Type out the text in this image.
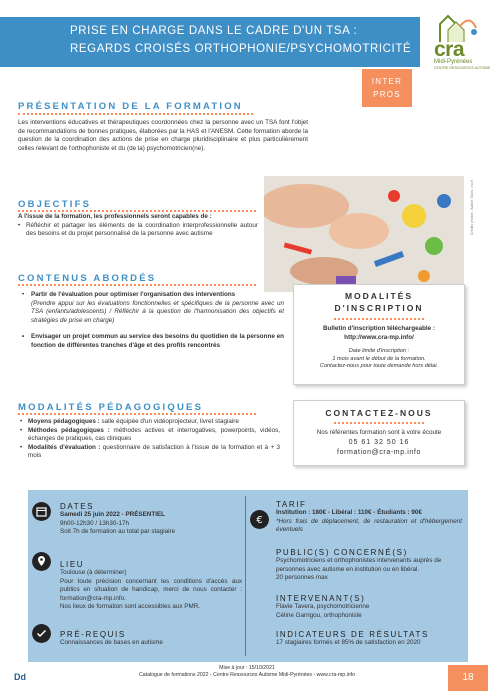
PRISE EN CHARGE DANS LE CADRE D'UN TSA :
REGARDS CROISÉS ORTHOPHONIE/PSYCHOMOTRICITÉ cra
Midi-Pyrénées
CENTRE RESSOURCES AUTISME
INTER
PROS
PRÉSENTATION DE LA FORMATION
Les interventions éducatives et thérapeutiques coordonnées chez la personne avec un TSA font l'objet de recommandations de bonnes pratiques, élaborées par la HAS et l'ANESM. Cette formation aborde la question de la coordination des actions de prise en charge pluridisciplinaire et plus particulièrement celles relevant de l'orthophoniste et du (de la) psychomotricien(ne).
Crédits photos : Adobe Stock, cra.fr
OBJECTIFS
A l'issue de la formation, les professionnels seront capables de :
• Réfléchir et partager les éléments de la coordination interprofessionnelle autour des besoins et du projet personnalisé de la personne avec autisme
CONTENUS ABORDÉS
• Partir de l'évaluation pour optimiser l'organisation des interventions
(Prendre appui sur les évaluations fonctionnelles et spécifiques de la personne avec un TSA (enfants/adolescents) / Réfléchir à la question de l'harmonisation des objectifs et stratégies de prise en charge)
• Envisager un projet commun au service des besoins du quotidien de la personne en fonction de différentes tranches d'âge et des profils rencontrés
MODALITÉS
D'INSCRIPTION
Bulletin d'inscription téléchargeable :
http://www.cra-mp.info/
Date limite d'inscription :
1 mois avant le début de la formation.
Contactez-nous pour toute demande hors délai.
MODALITÉS PÉDAGOGIQUES
• Moyens pédagogiques : salle équipée d'un vidéoprojecteur, livret stagiaire
• Méthodes pédagogiques : méthodes actives et interrogatives, powerpoints, vidéos, échanges de pratiques, cas cliniques
• Modalités d'évaluation : questionnaire de satisfaction à l'issue de la formation et à + 3 mois
CONTACTEZ-NOUS
Nos référentes formation sont à votre écoute
05 61 32 50 16
formation@cra-mp.info
DATES
Samedi 25 juin 2022 - PRÉSENTIEL
9h00-12h30 / 13h30-17h
Soit 7h de formation au total par stagiaire
LIEU
Toulouse (à déterminer)
Pour toute précision concernant les conditions d'accès aux publics en situation de handicap, merci de nous contacter : formation@cra-mp.info.
Nos lieux de formation sont accessibles aux PMR.
PRÉ-REQUIS
Connaissances de bases en autisme
€
TARIF
Institution : 180€ - Libéral : 110€ - Étudiants : 90€
*Hors frais de déplacement, de restauration et d'hébergement éventuels
PUBLIC(S) CONCERNÉ(S)
Psychomotriciens et orthophonistes intervenants auprès de personnes avec autisme en institution ou en libéral.
20 personnes max
INTERVENANT(S)
Flavie Tavera, psychomotricienne
Céline Garrigou, orthophoniste
INDICATEURS DE RÉSULTATS
17 stagiaires formés et 85% de satisfaction en 2020
Dd
Mise à jour : 15/10/2021
Catalogue de formations 2022 - Centre Ressources Autisme Midi-Pyrénées - www.cra-mp.info	18
